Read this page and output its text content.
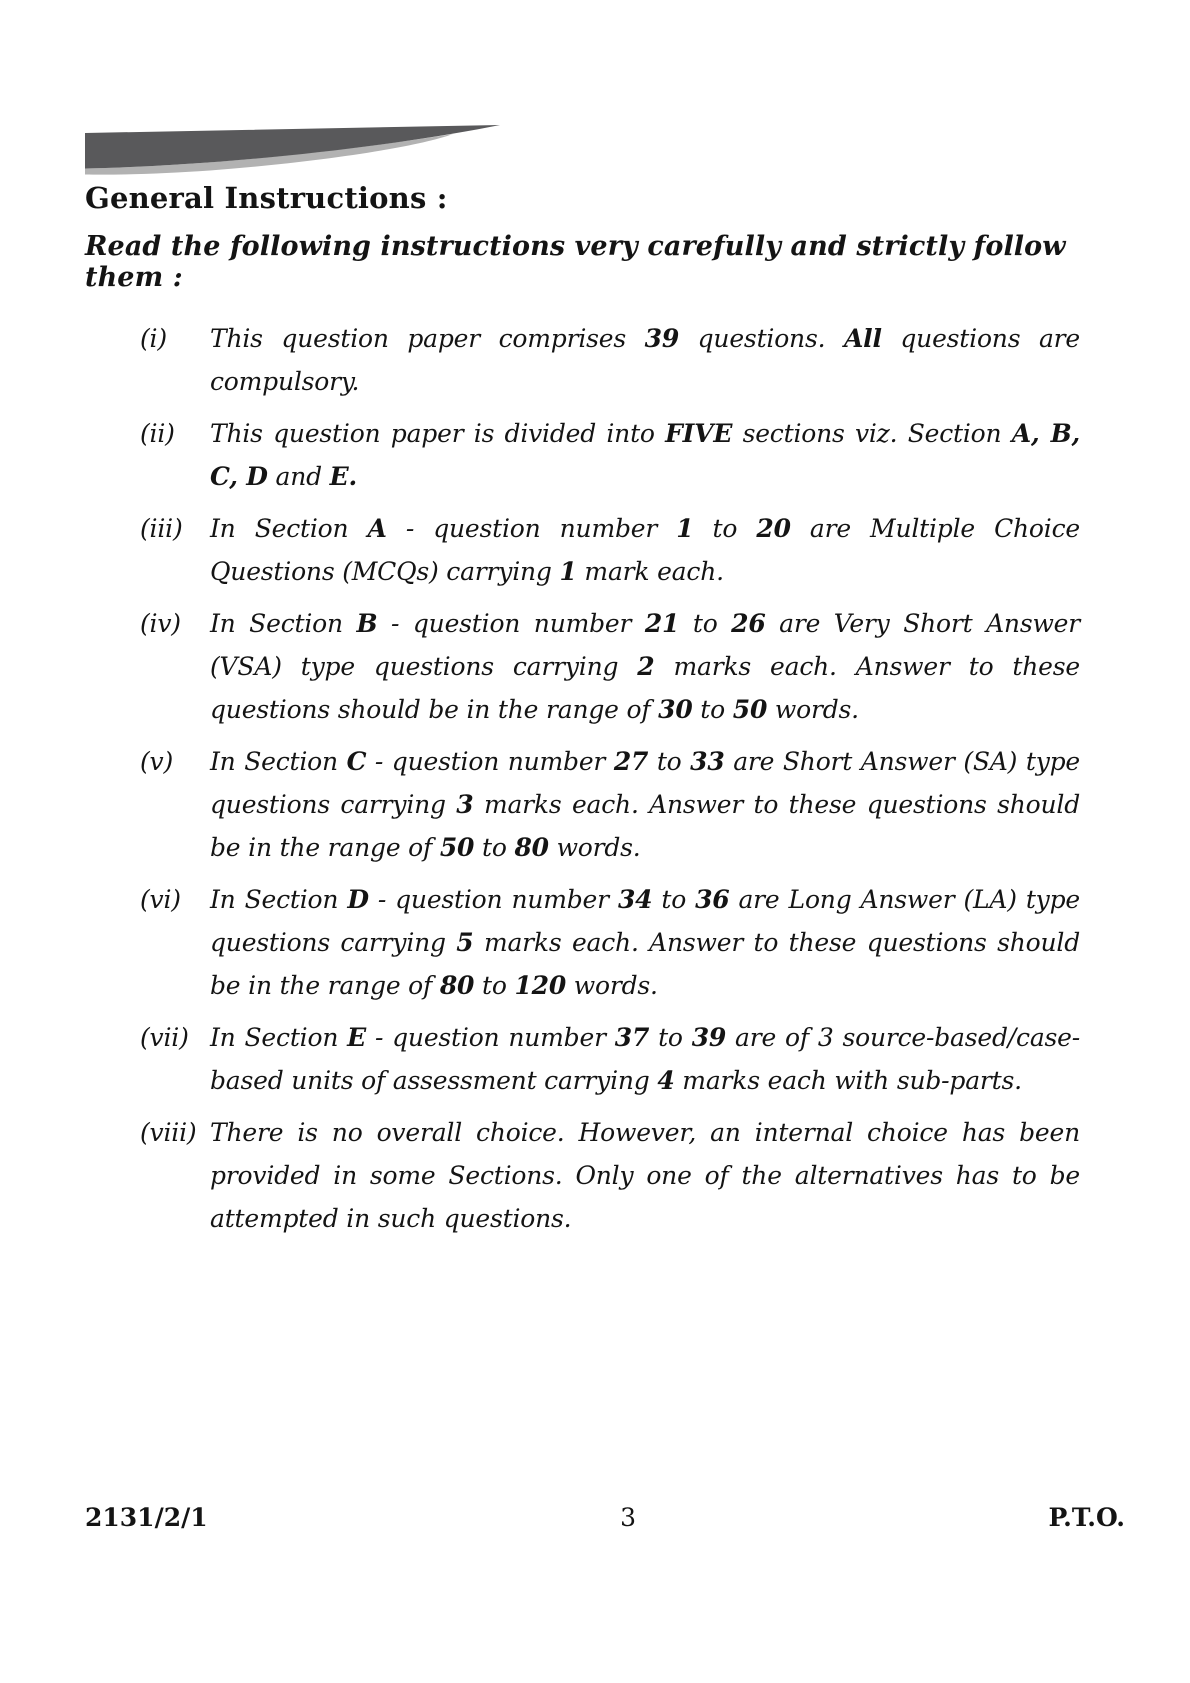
General Instructions :
Read the following instructions very carefully and strictly follow them :
(i) This question paper comprises 39 questions. All questions are compulsory.
(ii) This question paper is divided into FIVE sections viz. Section A, B, C, D and E.
(iii) In Section A - question number 1 to 20 are Multiple Choice Questions (MCQs) carrying 1 mark each.
(iv) In Section B - question number 21 to 26 are Very Short Answer (VSA) type questions carrying 2 marks each. Answer to these questions should be in the range of 30 to 50 words.
(v) In Section C - question number 27 to 33 are Short Answer (SA) type questions carrying 3 marks each. Answer to these questions should be in the range of 50 to 80 words.
(vi) In Section D - question number 34 to 36 are Long Answer (LA) type questions carrying 5 marks each. Answer to these questions should be in the range of 80 to 120 words.
(vii) In Section E - question number 37 to 39 are of 3 source-based/case-based units of assessment carrying 4 marks each with sub-parts.
(viii) There is no overall choice. However, an internal choice has been provided in some Sections. Only one of the alternatives has to be attempted in such questions.
2131/2/1	3	P.T.O.
